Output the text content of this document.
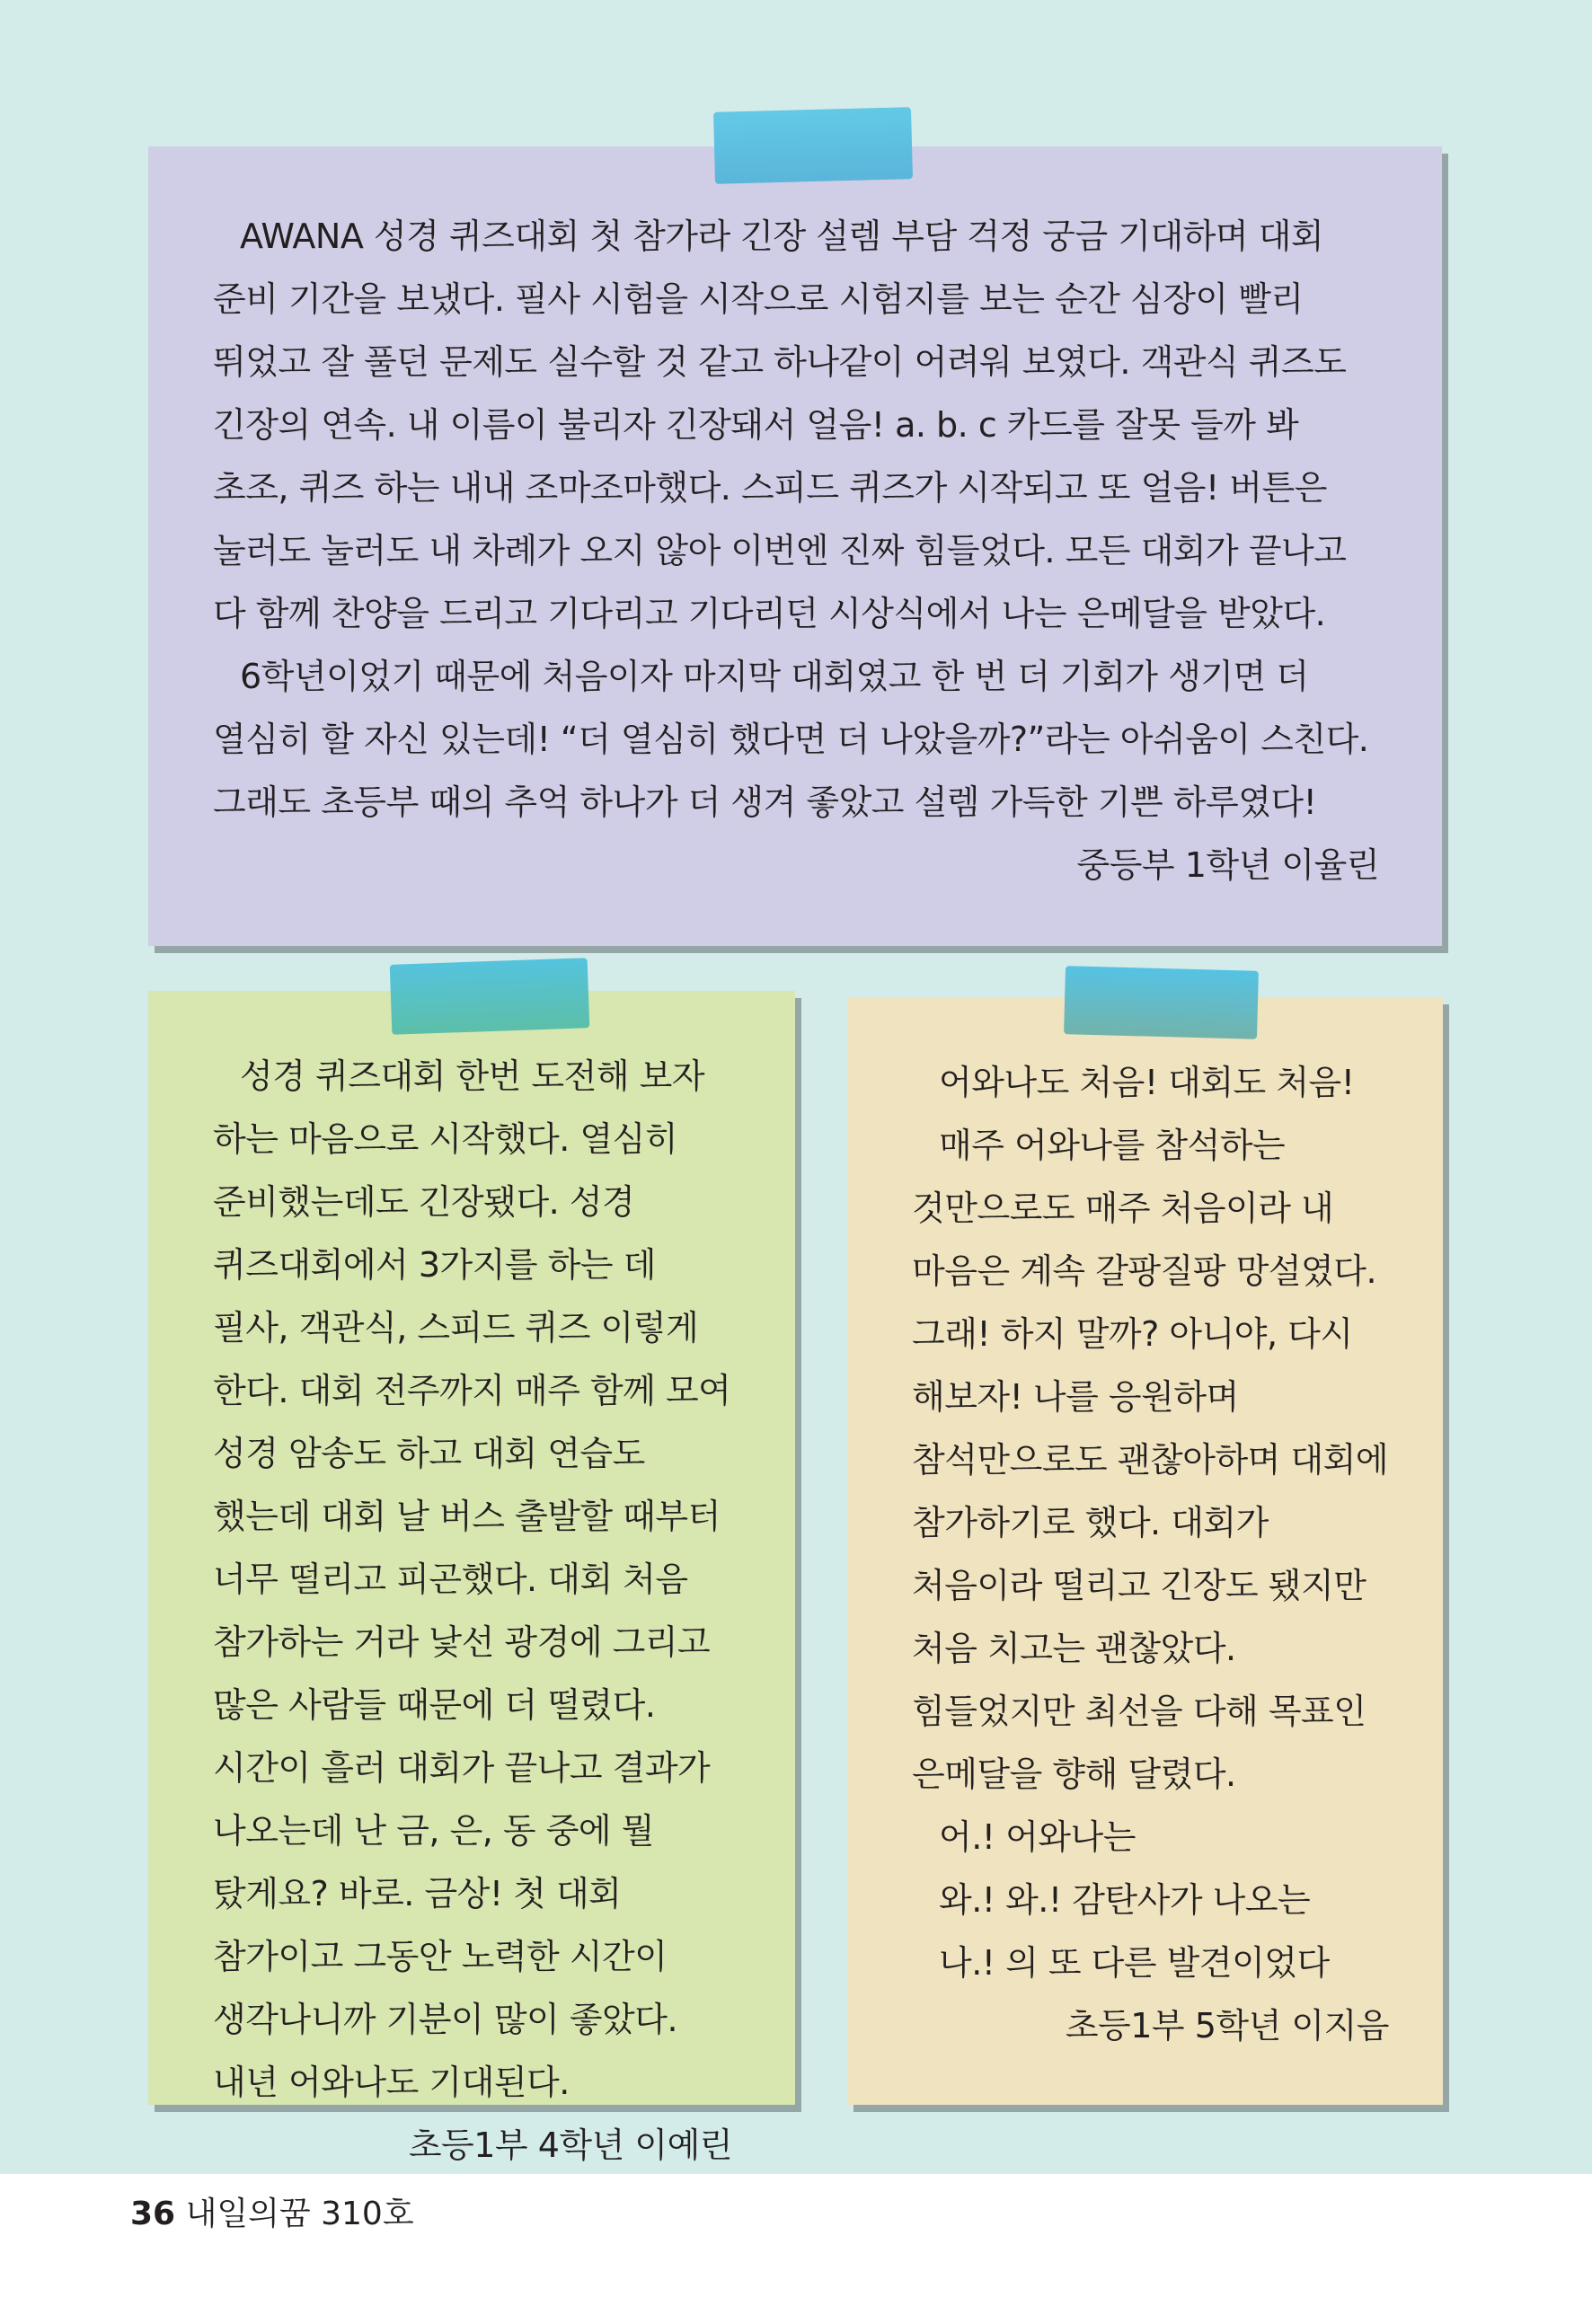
AWANA 성경 퀴즈대회 첫 참가라 긴장 설렘 부담 걱정 궁금 기대하며 대회 준비 기간을 보냈다. 필사 시험을 시작으로 시험지를 보는 순간 심장이 빨리 뛰었고 잘 풀던 문제도 실수할 것 같고 하나같이 어려워 보였다. 객관식 퀴즈도 긴장의 연속. 내 이름이 불리자 긴장돼서 얼음! a. b. c 카드를 잘못 들까 봐 초조, 퀴즈 하는 내내 조마조마했다. 스피드 퀴즈가 시작되고 또 얼음! 버튼은 눌러도 눌러도 내 차례가 오지 않아 이번엔 진짜 힘들었다. 모든 대회가 끝나고 다 함께 찬양을 드리고 기다리고 기다리던 시상식에서 나는 은메달을 받았다.

6학년이었기 때문에 처음이자 마지막 대회였고 한 번 더 기회가 생기면 더 열심히 할 자신 있는데! “더 열심히 했다면 더 나았을까?”라는 아쉬움이 스친다. 그래도 초등부 때의 추억 하나가 더 생겨 좋았고 설렘 가득한 기쁜 하루였다!

중등부 1학년 이율린

성경 퀴즈대회 한번 도전해 보자 하는 마음으로 시작했다. 열심히 준비했는데도 긴장됐다. 성경 퀴즈대회에서 3가지를 하는 데 필사, 객관식, 스피드 퀴즈 이렇게 한다. 대회 전주까지 매주 함께 모여 성경 암송도 하고 대회 연습도 했는데 대회 날 버스 출발할 때부터 너무 떨리고 피곤했다. 대회 처음 참가하는 거라 낯선 광경에 그리고 많은 사람들 때문에 더 떨렸다. 시간이 흘러 대회가 끝나고 결과가 나오는데 난 금, 은, 동 중에 뭘 탔게요? 바로. 금상! 첫 대회 참가이고 그동안 노력한 시간이 생각나니까 기분이 많이 좋았다. 내년 어와나도 기대된다.

초등1부 4학년 이예린

어와나도 처음! 대회도 처음!

매주 어와나를 참석하는 것만으로도 매주 처음이라 내 마음은 계속 갈팡질팡 망설였다. 그래! 하지 말까? 아니야, 다시 해보자! 나를 응원하며 참석만으로도 괜찮아하며 대회에 참가하기로 했다. 대회가 처음이라 떨리고 긴장도 됐지만 처음 치고는 괜찮았다. 힘들었지만 최선을 다해 목표인 은메달을 향해 달렸다.

어.! 어와나는

와.! 와.! 감탄사가 나오는

나.! 의 또 다른 발견이었다

초등1부 5학년 이지음

36 내일의꿈 310호
